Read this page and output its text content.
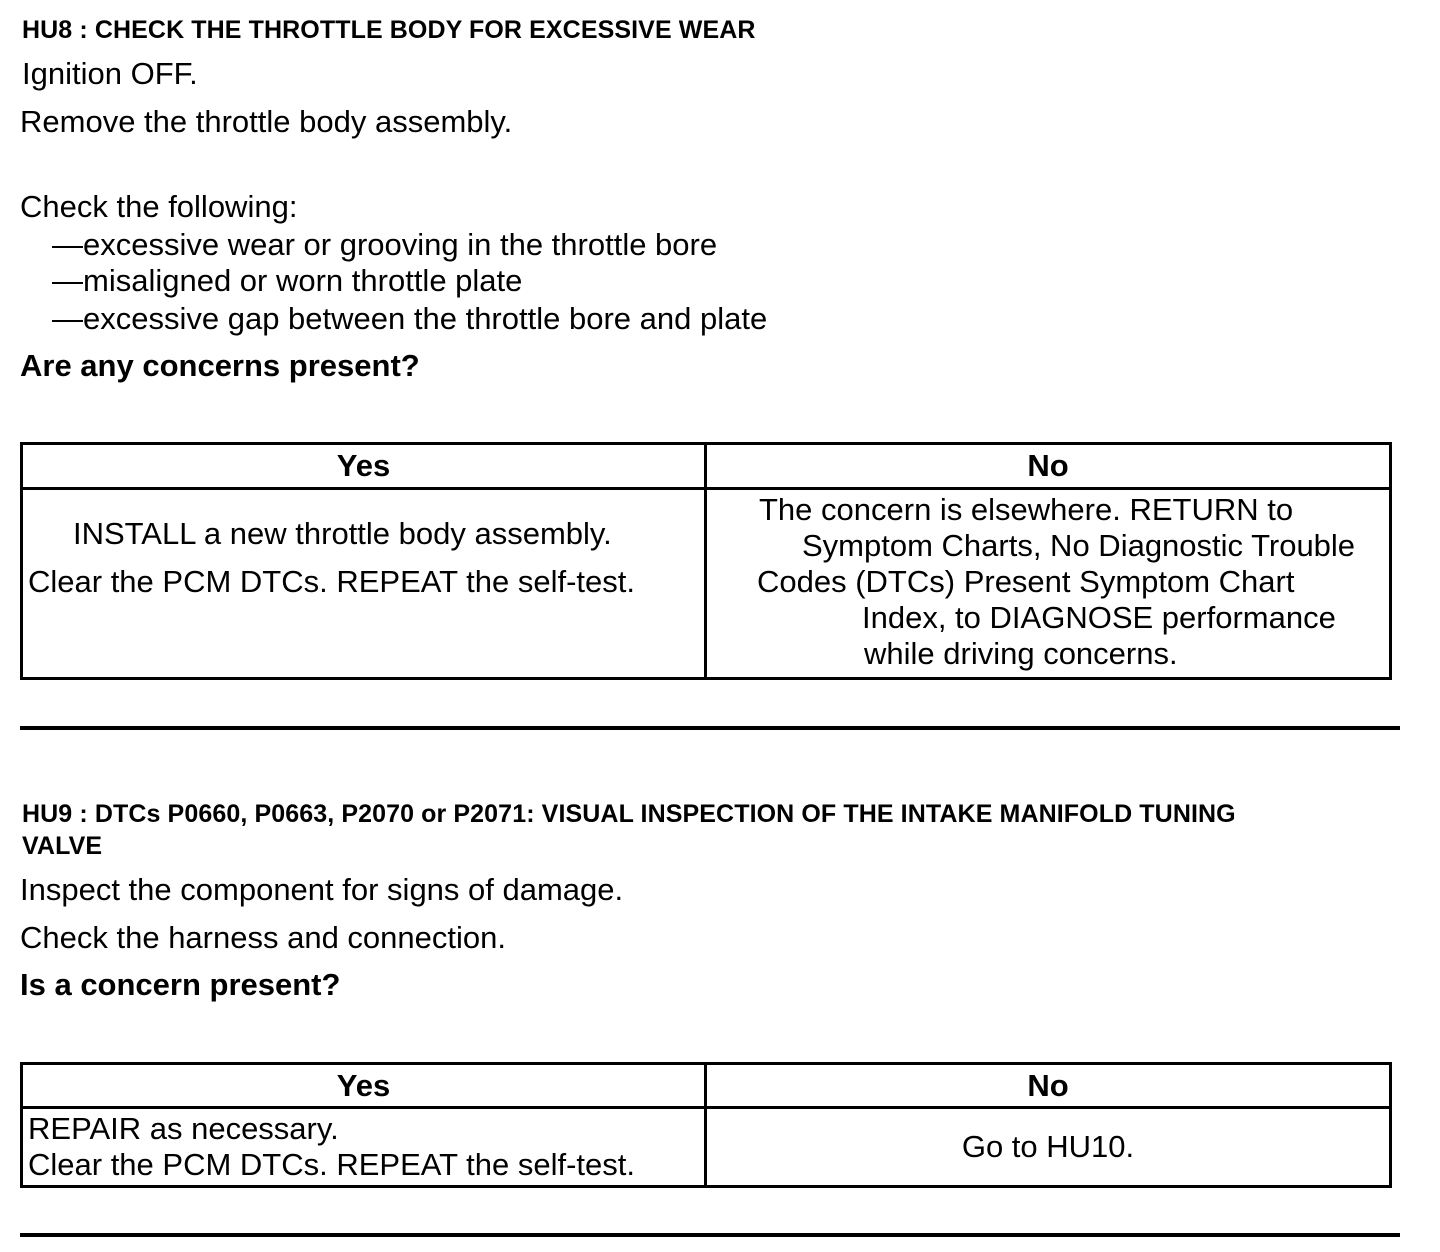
HU8 : CHECK THE THROTTLE BODY FOR EXCESSIVE WEAR
Ignition OFF.
Remove the throttle body assembly.
Check the following:
—excessive wear or grooving in the throttle bore
—misaligned or worn throttle plate
—excessive gap between the throttle bore and plate
Are any concerns present?
Yes	No

INSTALL a new throttle body assembly.
Clear the PCM DTCs. REPEAT the self-test.	The concern is elsewhere. RETURN to
Symptom Charts, No Diagnostic Trouble
Codes (DTCs) Present Symptom Chart
Index, to DIAGNOSE performance
while driving concerns.
HU9 : DTCs P0660, P0663, P2070 or P2071: VISUAL INSPECTION OF THE INTAKE MANIFOLD TUNING
VALVE
Inspect the component for signs of damage.
Check the harness and connection.
Is a concern present?
Yes	No

REPAIR as necessary.
Clear the PCM DTCs. REPEAT the self-test.	Go to HU10.
